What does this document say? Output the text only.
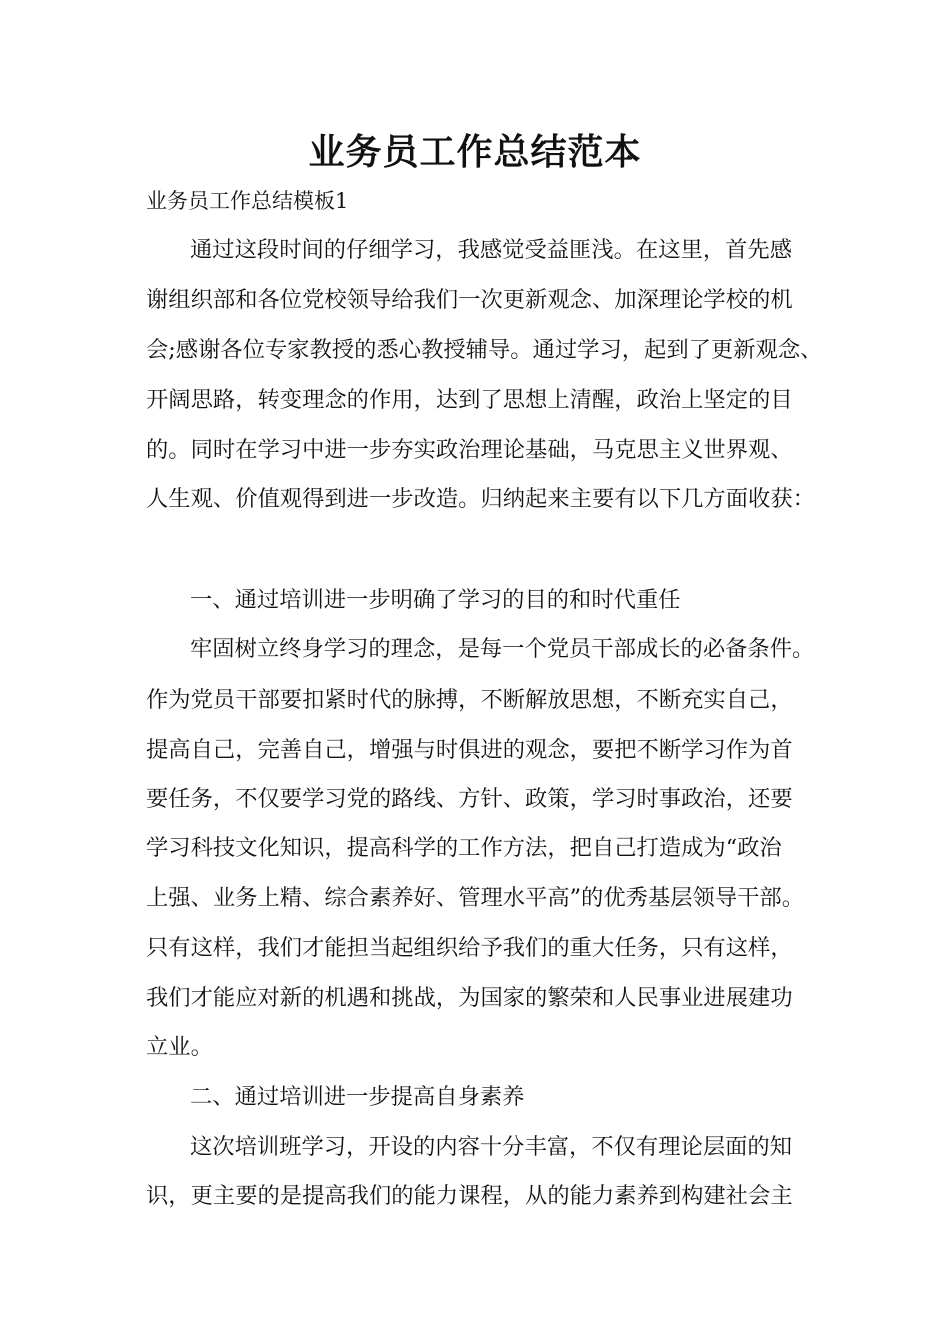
业务员工作总结范本

业务员工作总结模板1

通过这段时间的仔细学习，我感觉受益匪浅。在这里，首先感

谢组织部和各位党校领导给我们一次更新观念、加深理论学校的机

会;感谢各位专家教授的悉心教授辅导。通过学习，起到了更新观念、

开阔思路，转变理念的作用，达到了思想上清醒，政治上坚定的目

的。同时在学习中进一步夯实政治理论基础，马克思主义世界观、

人生观、价值观得到进一步改造。归纳起来主要有以下几方面收获：

一、通过培训进一步明确了学习的目的和时代重任

牢固树立终身学习的理念，是每一个党员干部成长的必备条件。

作为党员干部要扣紧时代的脉搏，不断解放思想，不断充实自己，

提高自己，完善自己，增强与时俱进的观念，要把不断学习作为首

要任务，不仅要学习党的路线、方针、政策，学习时事政治，还要

学习科技文化知识，提高科学的工作方法，把自己打造成为“政治

上强、业务上精、综合素养好、管理水平高”的优秀基层领导干部。

只有这样，我们才能担当起组织给予我们的重大任务，只有这样，

我们才能应对新的机遇和挑战，为国家的繁荣和人民事业进展建功

立业。

二、通过培训进一步提高自身素养

这次培训班学习，开设的内容十分丰富，不仅有理论层面的知

识，更主要的是提高我们的能力课程，从的能力素养到构建社会主
